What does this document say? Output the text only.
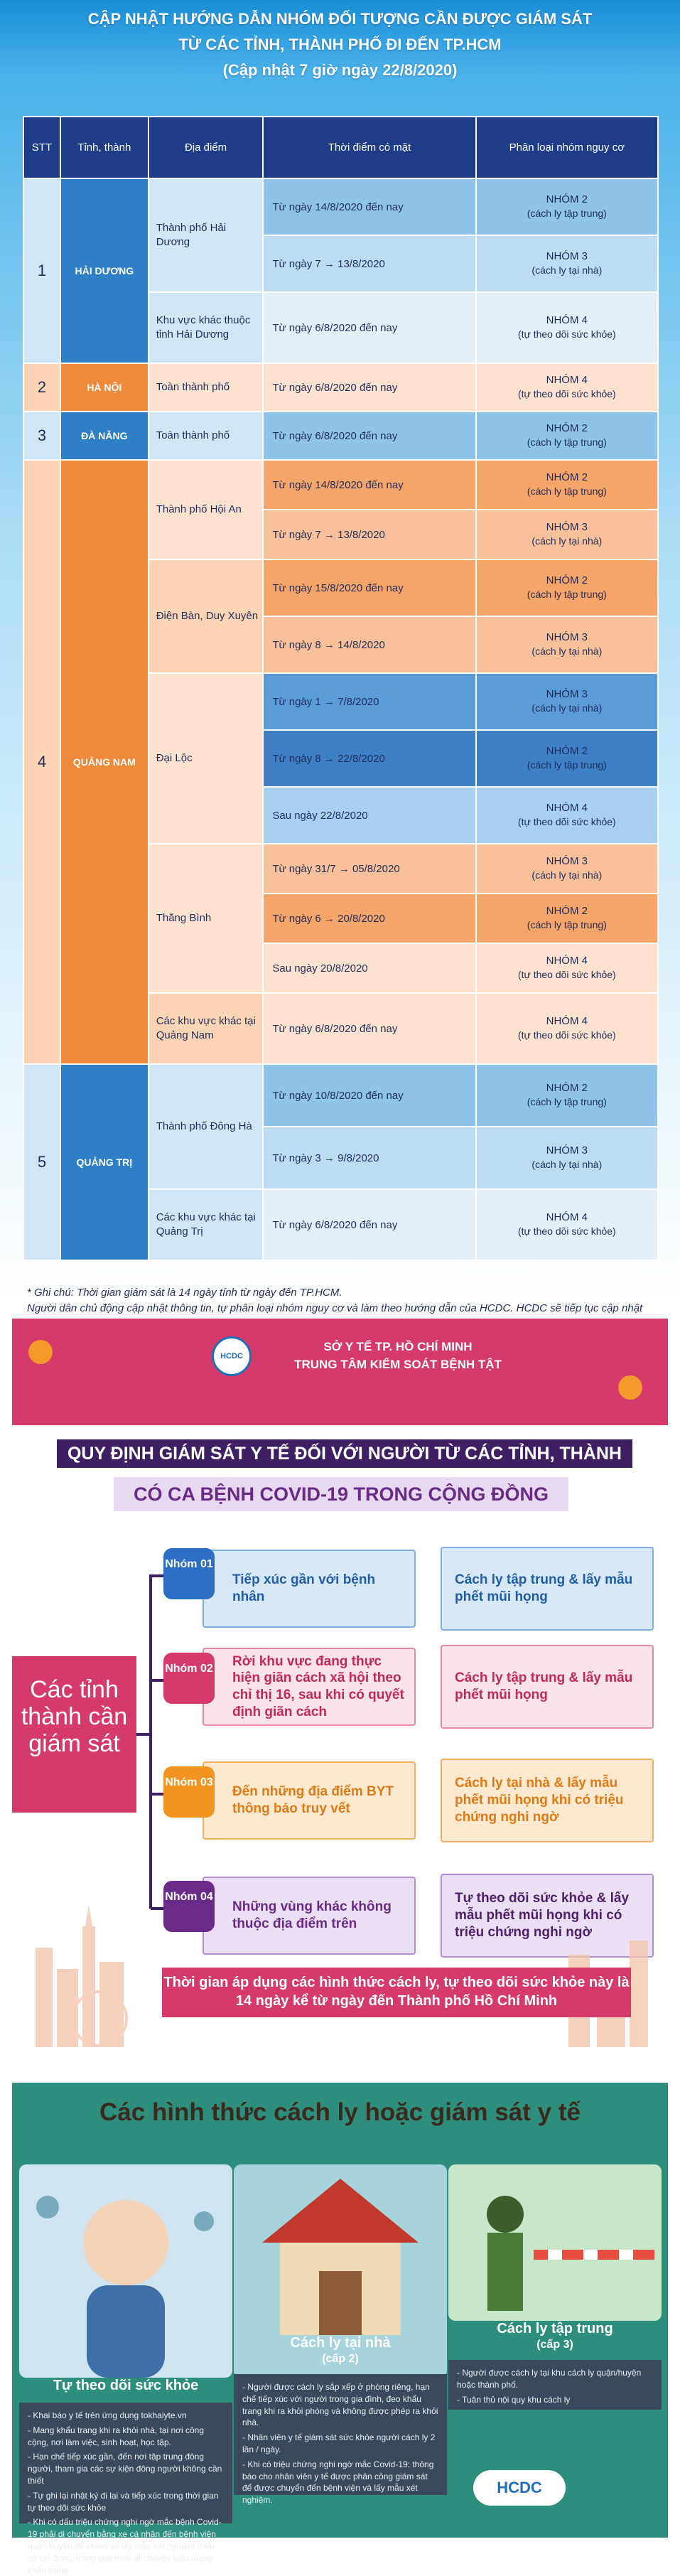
CẬP NHẬT HƯỚNG DẪN NHÓM ĐỐI TƯỢNG CẦN ĐƯỢC GIÁM SÁT
TỪ CÁC TỈNH, THÀNH PHỐ ĐI ĐẾN TP.HCM
(Cập nhật 7 giờ ngày 22/8/2020)
STT	Tỉnh, thành	Địa điểm	Thời điểm có mặt	Phân loại nhóm nguy cơ
1	HẢI DƯƠNG	Thành phố Hải Dương	Từ ngày 14/8/2020 đến nay	NHÓM 2
(cách ly tập trung)
			Từ ngày 7 → 13/8/2020	NHÓM 3
(cách ly tại nhà)
		Khu vực khác thuộc tỉnh Hải Dương	Từ ngày 6/8/2020 đến nay	NHÓM 4
(tự theo dõi sức khỏe)
2	HÀ NỘI	Toàn thành phố	Từ ngày 6/8/2020 đến nay	NHÓM 4
(tự theo dõi sức khỏe)
3	ĐÀ NẴNG	Toàn thành phố	Từ ngày 6/8/2020 đến nay	NHÓM 2
(cách ly tập trung)
4	QUẢNG NAM	Thành phố Hội An	Từ ngày 14/8/2020 đến nay	NHÓM 2
(cách ly tập trung)
			Từ ngày 7 → 13/8/2020	NHÓM 3
(cách ly tại nhà)
		Điện Bàn, Duy Xuyên	Từ ngày 15/8/2020 đến nay	NHÓM 2
(cách ly tập trung)
			Từ ngày 8 → 14/8/2020	NHÓM 3
(cách ly tại nhà)
		Đại Lộc	Từ ngày 1 → 7/8/2020	NHÓM 3
(cách ly tại nhà)
			Từ ngày 8 → 22/8/2020	NHÓM 2
(cách ly tập trung)
			Sau ngày 22/8/2020	NHÓM 4
(tự theo dõi sức khỏe)
		Thăng Bình	Từ ngày 31/7 → 05/8/2020	NHÓM 3
(cách ly tại nhà)
			Từ ngày 6 → 20/8/2020	NHÓM 2
(cách ly tập trung)
			Sau ngày 20/8/2020	NHÓM 4
(tự theo dõi sức khỏe)
		Các khu vực khác tại Quảng Nam	Từ ngày 6/8/2020 đến nay	NHÓM 4
(tự theo dõi sức khỏe)
5	QUẢNG TRỊ	Thành phố Đông Hà	Từ ngày 10/8/2020 đến nay	NHÓM 2
(cách ly tập trung)
			Từ ngày 3 → 9/8/2020	NHÓM 3
(cách ly tại nhà)
		Các khu vực khác tại Quảng Trị	Từ ngày 6/8/2020 đến nay	NHÓM 4
(tự theo dõi sức khỏe)
* Ghi chú: Thời gian giám sát là 14 ngày tính từ ngày đến TP.HCM.
Người dân chủ động cập nhật thông tin, tự phân loại nhóm nguy cơ và làm theo hướng dẫn của HCDC. HCDC sẽ tiếp tục cập nhật
HCDC
SỞ Y TẾ TP. HỒ CHÍ MINH
TRUNG TÂM KIỂM SOÁT BỆNH TẬT
QUY ĐỊNH GIÁM SÁT Y TẾ ĐỐI VỚI NGƯỜI TỪ CÁC TỈNH, THÀNH
CÓ CA BỆNH COVID-19 TRONG CỘNG ĐỒNG
Các tỉnh thành cần giám sát
Tiếp xúc gần với bệnh nhân
Nhóm 01
Cách ly tập trung & lấy mẫu phết mũi họng
Rời khu vực đang thực hiện giãn cách xã hội theo chỉ thị 16, sau khi có quyết định giãn cách
Nhóm 02
Cách ly tập trung & lấy mẫu phết mũi họng
Đến những địa điểm BYT thông báo truy vết
Nhóm 03	Cách ly tại nhà & lấy mẫu phết mũi họng khi có triệu chứng nghi ngờ
Những vùng khác không thuộc địa điểm trên
Nhóm 04	Tự theo dõi sức khỏe & lấy mẫu phết mũi họng khi có triệu chứng nghi ngờ
Thời gian áp dụng các hình thức cách ly, tự theo dõi sức khỏe này là 14 ngày kể từ ngày đến Thành phố Hồ Chí Minh
Các hình thức cách ly hoặc giám sát y tế
Tự theo dõi sức khỏe

- Khai báo y tế trên ứng dụng tokhaiyte.vn

- Mang khẩu trang khi ra khỏi nhà, tại nơi công cộng, nơi làm việc, sinh hoạt, học tập.

- Hạn chế tiếp xúc gần, đến nơi tập trung đông người, tham gia các sự kiện đông người không cần thiết

- Tự ghi lại nhật ký đi lại và tiếp xúc trong thời gian tự theo dõi sức khỏe

- Khi có dấu triệu chứng nghi ngờ mắc bệnh Covid-19 phải di chuyển bằng xe cá nhân đến bệnh viện quận huyện để khám và lấy mẫu xét nghiệm (nếu có chỉ định); trong quá trình di chuyển luôn mang khẩu trang.

Cách ly tại nhà
(cấp 2)

- Người được cách ly sắp xếp ở phòng riêng, hạn chế tiếp xúc với người trong gia đình, đeo khẩu trang khi ra khỏi phòng và không được phép ra khỏi nhà.

- Nhân viên y tế giám sát sức khỏe người cách ly 2 lần / ngày.

- Khi có triệu chứng nghi ngờ mắc Covid-19: thông báo cho nhân viên y tế được phân công giám sát để được chuyển đến bệnh viện và lấy mẫu xét nghiệm.

Cách ly tập trung
(cấp 3)

- Người được cách ly tại khu cách ly quận/huyện hoặc thành phố.

- Tuân thủ nội quy khu cách ly

HCDC
